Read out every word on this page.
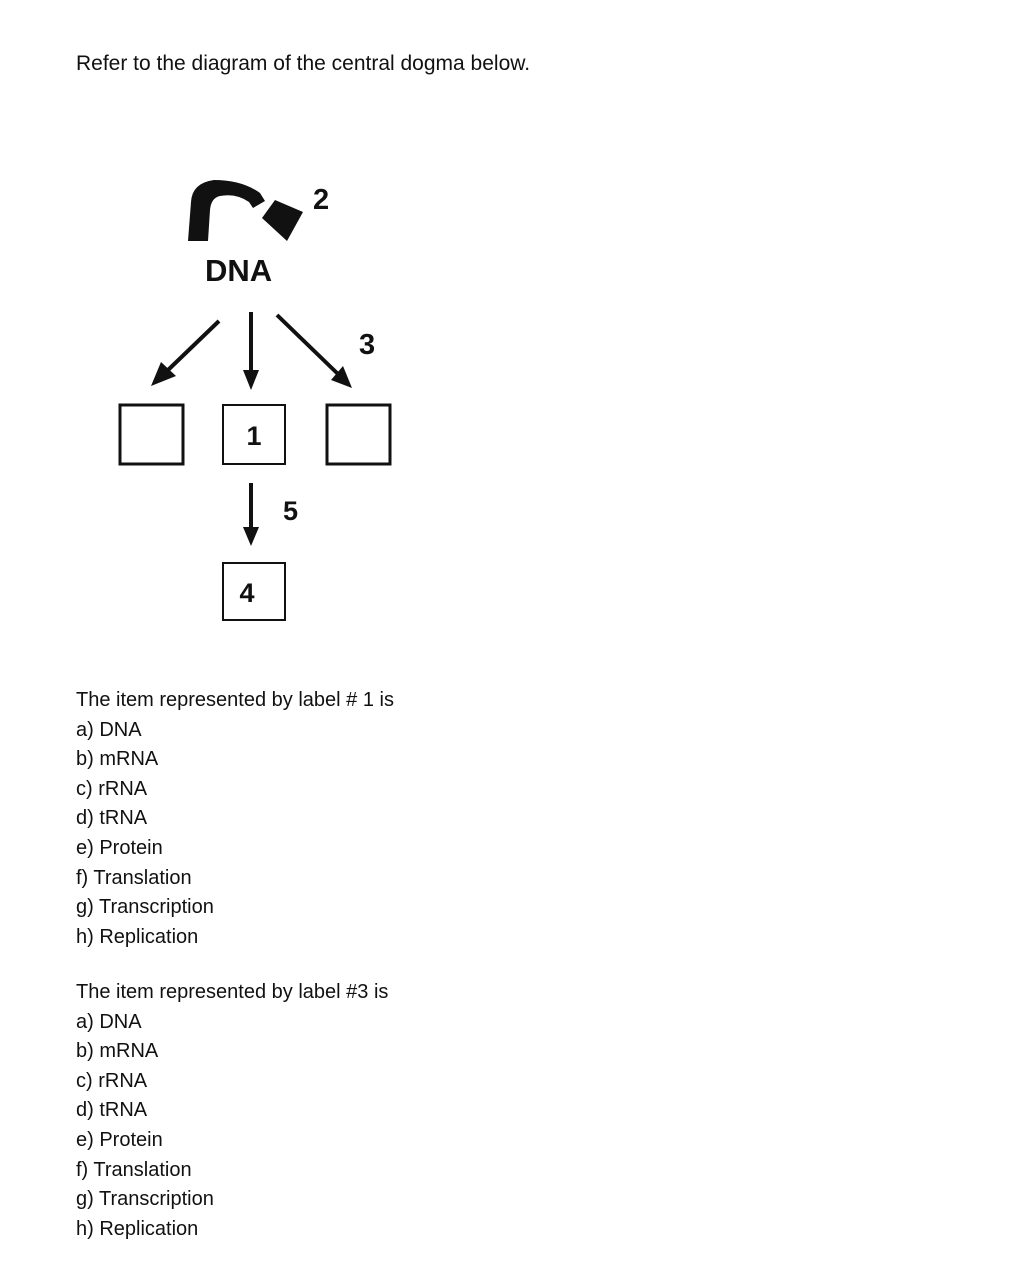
Refer to the diagram of the central dogma below.

2
DNA
3
1
5
4
The item represented by label # 1 is
a) DNA
b) mRNA
c) rRNA
d) tRNA
e) Protein
f) Translation
g) Transcription
h) Replication
The item represented by label #3 is
a) DNA
b) mRNA
c) rRNA
d) tRNA
e) Protein
f) Translation
g) Transcription
h) Replication
